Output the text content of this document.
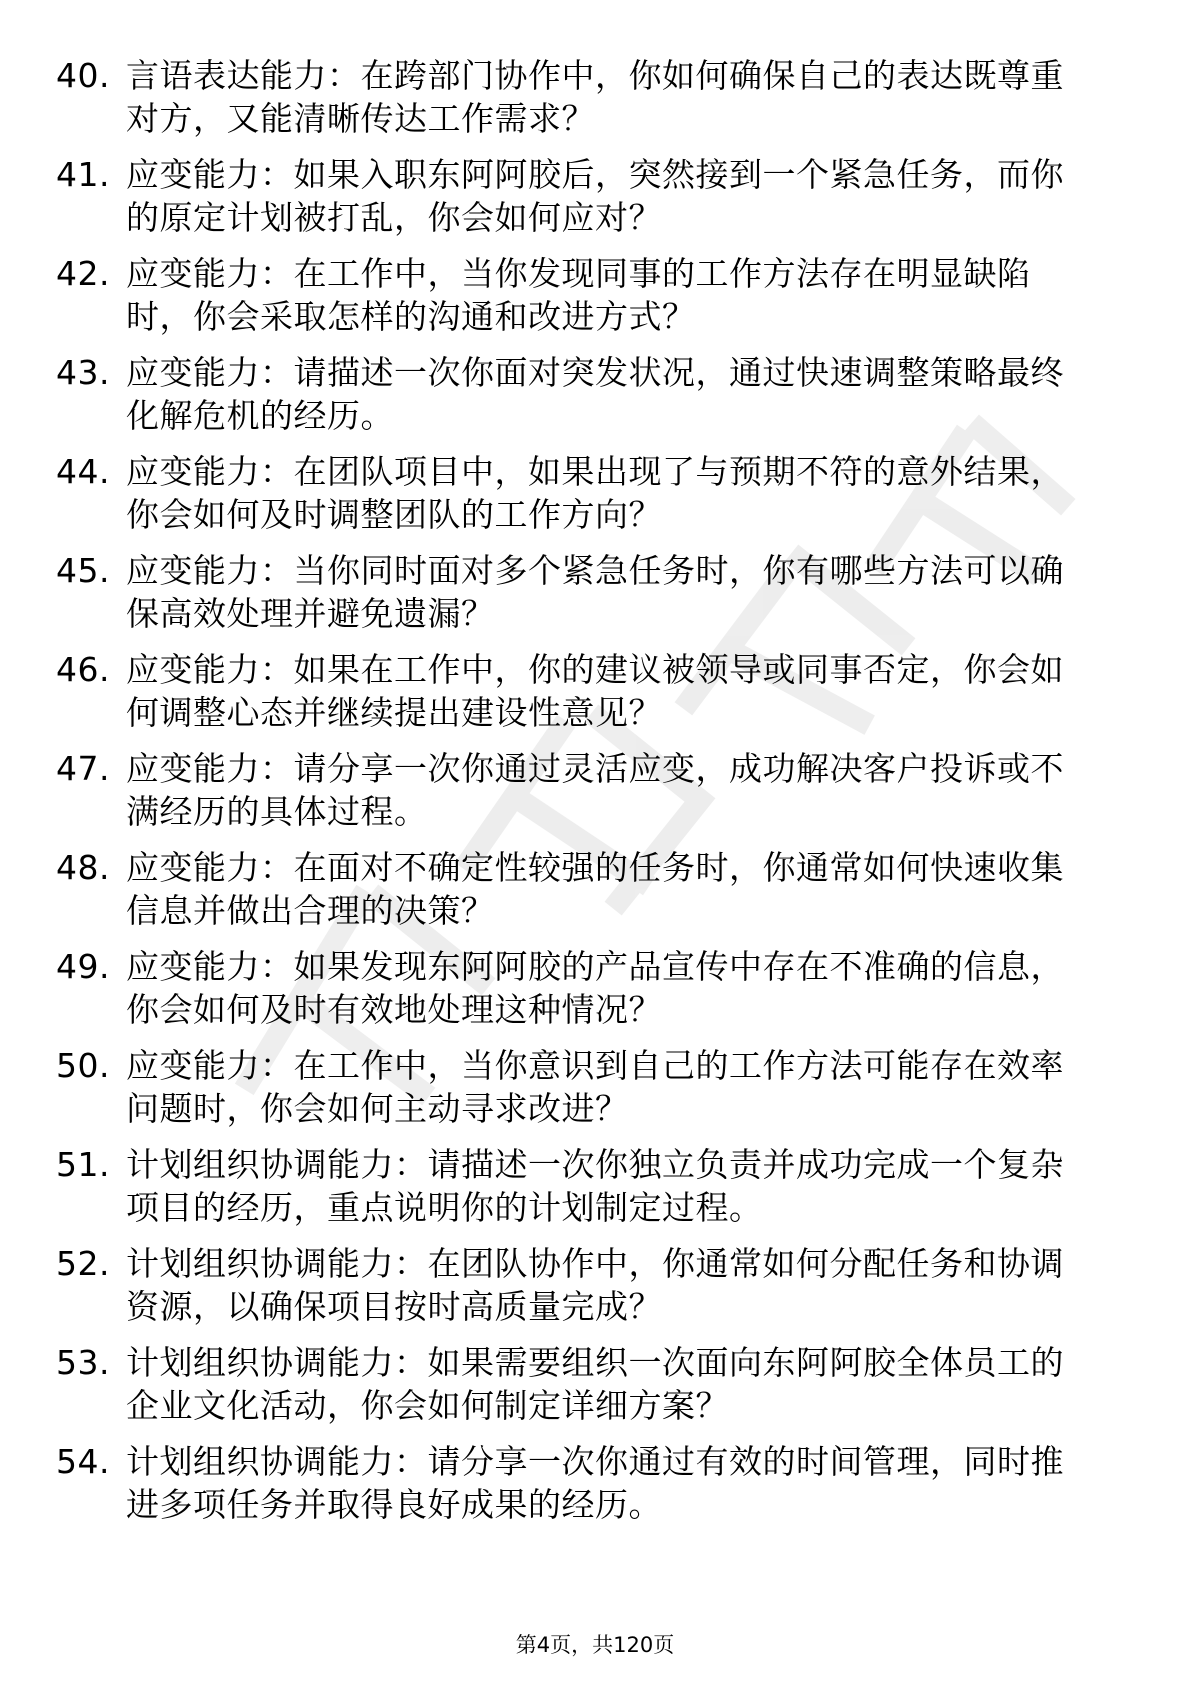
40. 言语表达能力：在跨部门协作中，你如何确保自己的表达既尊重对方，又能清晰传达工作需求？
41. 应变能力：如果入职东阿阿胶后，突然接到一个紧急任务，而你的原定计划被打乱，你会如何应对？
42. 应变能力：在工作中，当你发现同事的工作方法存在明显缺陷时，你会采取怎样的沟通和改进方式？
43. 应变能力：请描述一次你面对突发状况，通过快速调整策略最终化解危机的经历。
44. 应变能力：在团队项目中，如果出现了与预期不符的意外结果，你会如何及时调整团队的工作方向？
45. 应变能力：当你同时面对多个紧急任务时，你有哪些方法可以确保高效处理并避免遗漏？
46. 应变能力：如果在工作中，你的建议被领导或同事否定，你会如何调整心态并继续提出建设性意见？
47. 应变能力：请分享一次你通过灵活应变，成功解决客户投诉或不满经历的具体过程。
48. 应变能力：在面对不确定性较强的任务时，你通常如何快速收集信息并做出合理的决策？
49. 应变能力：如果发现东阿阿胶的产品宣传中存在不准确的信息，你会如何及时有效地处理这种情况？
50. 应变能力：在工作中，当你意识到自己的工作方法可能存在效率问题时，你会如何主动寻求改进？
51. 计划组织协调能力：请描述一次你独立负责并成功完成一个复杂项目的经历，重点说明你的计划制定过程。
52. 计划组织协调能力：在团队协作中，你通常如何分配任务和协调资源，以确保项目按时高质量完成？
53. 计划组织协调能力：如果需要组织一次面向东阿阿胶全体员工的企业文化活动，你会如何制定详细方案？
54. 计划组织协调能力：请分享一次你通过有效的时间管理，同时推进多项任务并取得良好成果的经历。
第4页，共120页
